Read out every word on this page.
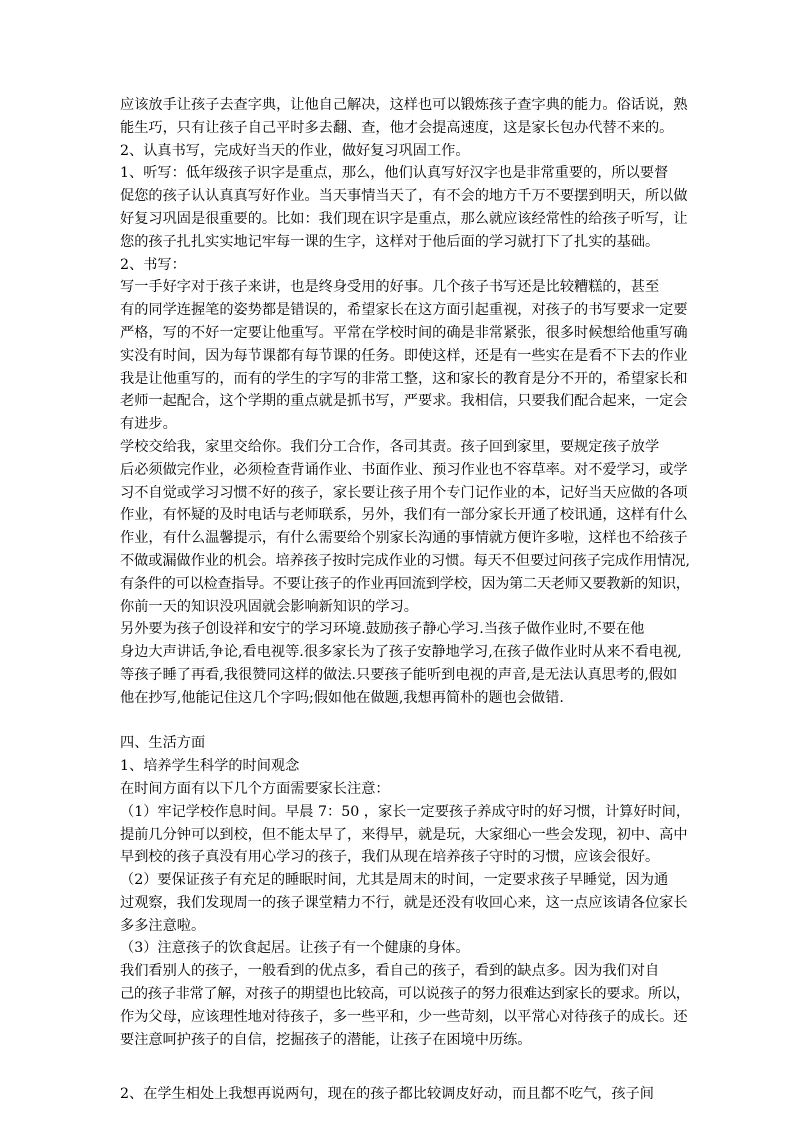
应该放手让孩子去查字典，让他自己解决，这样也可以锻炼孩子查字典的能力。俗话说，熟
能生巧，只有让孩子自己平时多去翻、查，他才会提高速度，这是家长包办代替不来的。
2、认真书写，完成好当天的作业，做好复习巩固工作。
1、听写：低年级孩子识字是重点，那么，他们认真写好汉字也是非常重要的，所以要督
促您的孩子认认真真写好作业。当天事情当天了，有不会的地方千万不要摆到明天，所以做
好复习巩固是很重要的。比如：我们现在识字是重点，那么就应该经常性的给孩子听写，让
您的孩子扎扎实实地记牢每一课的生字，这样对于他后面的学习就打下了扎实的基础。
2、书写：
写一手好字对于孩子来讲，也是终身受用的好事。几个孩子书写还是比较糟糕的，甚至
有的同学连握笔的姿势都是错误的，希望家长在这方面引起重视，对孩子的书写要求一定要
严格，写的不好一定要让他重写。平常在学校时间的确是非常紧张，很多时候想给他重写确
实没有时间，因为每节课都有每节课的任务。即使这样，还是有一些实在是看不下去的作业
我是让他重写的，而有的学生的字写的非常工整，这和家长的教育是分不开的，希望家长和
老师一起配合，这个学期的重点就是抓书写，严要求。我相信，只要我们配合起来，一定会
有进步。
学校交给我，家里交给你。我们分工合作，各司其责。孩子回到家里，要规定孩子放学
后必须做完作业，必须检查背诵作业、书面作业、预习作业也不容草率。对不爱学习，或学
习不自觉或学习习惯不好的孩子，家长要让孩子用个专门记作业的本，记好当天应做的各项
作业，有怀疑的及时电话与老师联系，另外，我们有一部分家长开通了校讯通，这样有什么
作业，有什么温馨提示，有什么需要给个别家长沟通的事情就方便许多啦，这样也不给孩子
不做或漏做作业的机会。培养孩子按时完成作业的习惯。每天不但要过问孩子完成作用情况,
有条件的可以检查指导。不要让孩子的作业再回流到学校，因为第二天老师又要教新的知识，
你前一天的知识没巩固就会影响新知识的学习。
另外要为孩子创设祥和安宁的学习环境.鼓励孩子静心学习.当孩子做作业时,不要在他
身边大声讲话,争论,看电视等.很多家长为了孩子安静地学习,在孩子做作业时从来不看电视,
等孩子睡了再看,我很赞同这样的做法.只要孩子能听到电视的声音,是无法认真思考的,假如
他在抄写,他能记住这几个字吗;假如他在做题,我想再简朴的题也会做错.
四、生活方面
1、培养学生科学的时间观念
在时间方面有以下几个方面需要家长注意：
（1）牢记学校作息时间。早晨 7：50 ，家长一定要孩子养成守时的好习惯，计算好时间，
提前几分钟可以到校，但不能太早了，来得早，就是玩，大家细心一些会发现，初中、高中
早到校的孩子真没有用心学习的孩子，我们从现在培养孩子守时的习惯，应该会很好。
（2）要保证孩子有充足的睡眠时间，尤其是周末的时间，一定要求孩子早睡觉，因为通
过观察，我们发现周一的孩子课堂精力不行，就是还没有收回心来，这一点应该请各位家长
多多注意啦。
（3）注意孩子的饮食起居。让孩子有一个健康的身体。
我们看别人的孩子，一般看到的优点多，看自己的孩子，看到的缺点多。因为我们对自
己的孩子非常了解，对孩子的期望也比较高，可以说孩子的努力很难达到家长的要求。所以，
作为父母，应该理性地对待孩子，多一些平和，少一些苛刻，以平常心对待孩子的成长。还
要注意呵护孩子的自信，挖掘孩子的潜能，让孩子在困境中历练。
2、在学生相处上我想再说两句，现在的孩子都比较调皮好动，而且都不吃气，孩子间
